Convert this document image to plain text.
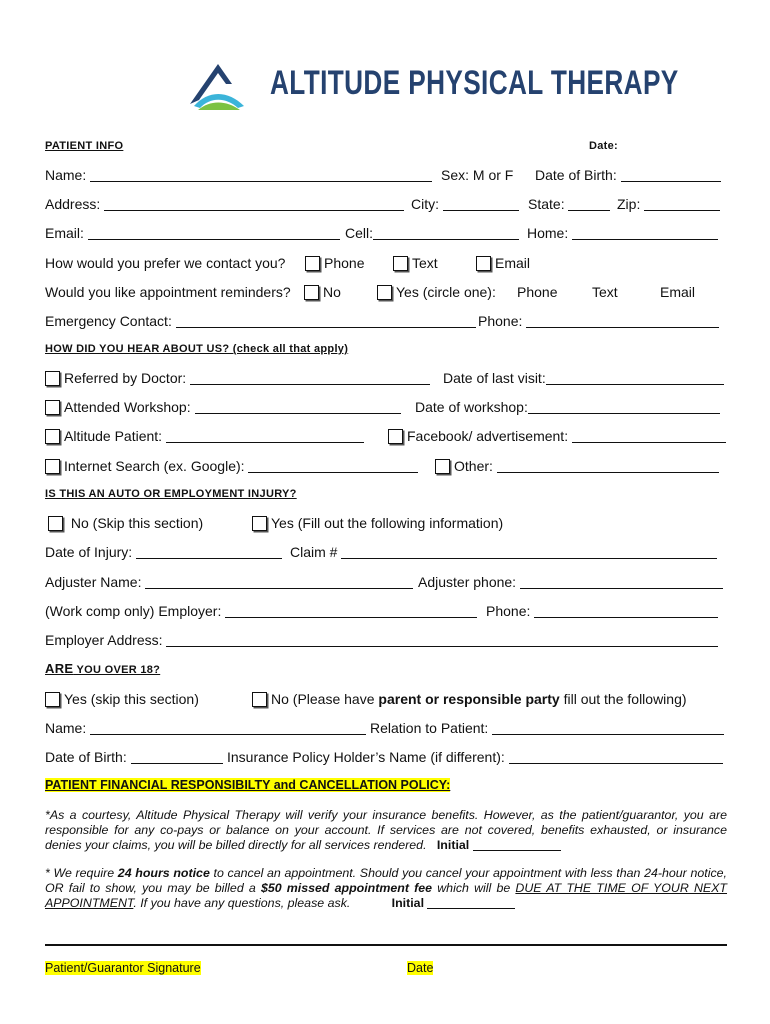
ALTITUDE PHYSICAL THERAPY
PATIENT INFO	Date:
Name:	Sex: M or F Date of Birth:
Address:	City:	State:	Zip:
Email:	Cell:	Home:
How would you prefer we contact you?	Phone	Text	Email
Would you like appointment reminders?	No	Yes (circle one): Phone Text	Email
Emergency Contact:	Phone:
HOW DID YOU HEAR ABOUT US? (check all that apply)
Referred by Doctor:	Date of last visit:
Attended Workshop:	Date of workshop:
Altitude Patient:	Facebook/ advertisement:
Internet Search (ex. Google):	Other:
IS THIS AN AUTO OR EMPLOYMENT INJURY?
No (Skip this section)	Yes (Fill out the following information)
Date of Injury:	Claim #
Adjuster Name:	Adjuster phone:
(Work comp only) Employer:	Phone:
Employer Address:
ARE YOU OVER 18?
Yes (skip this section)	No (Please have parent or responsible party fill out the following)
Name:	Relation to Patient:
Date of Birth:	Insurance Policy Holder’s Name (if different):
PATIENT FINANCIAL RESPONSIBILTY and CANCELLATION POLICY:
*As a courtesy, Altitude Physical Therapy will verify your insurance benefits. However, as the patient/guarantor, you are responsible for any co-pays or balance on your account. If services are not covered, benefits exhausted, or insurance denies your claims, you will be billed directly for all services rendered. Initial
* We require 24 hours notice to cancel an appointment. Should you cancel your appointment with less than 24-hour notice, OR fail to show, you may be billed a $50 missed appointment fee which will be DUE AT THE TIME OF YOUR NEXT APPOINTMENT. If you have any questions, please ask.	Initial
Patient/Guarantor Signature	Date
